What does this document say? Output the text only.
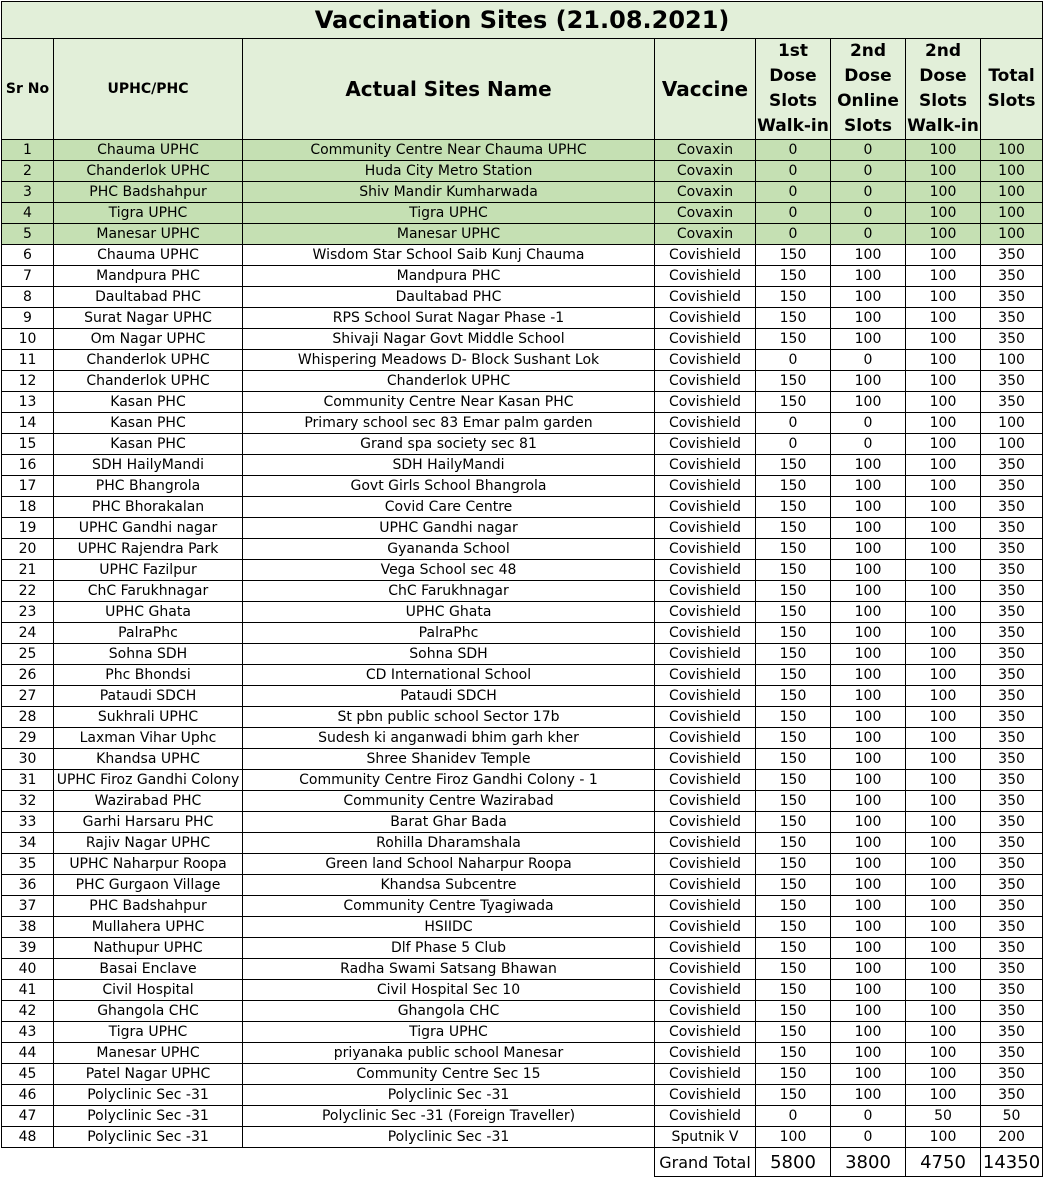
Vaccination Sites (21.08.2021)							
Sr No	UPHC/PHC	Actual Sites Name	Vaccine	1st Dose Slots Walk-in	2nd Dose Online Slots	2nd Dose Slots Walk-in	Total Slots
1	Chauma UPHC	Community Centre Near Chauma UPHC	Covaxin	0	0	100	100
2	Chanderlok UPHC	Huda City Metro Station	Covaxin	0	0	100	100
3	PHC Badshahpur	Shiv Mandir Kumharwada	Covaxin	0	0	100	100
4	Tigra UPHC	Tigra UPHC	Covaxin	0	0	100	100
5	Manesar UPHC	Manesar UPHC	Covaxin	0	0	100	100
6	Chauma UPHC	Wisdom Star School Saib Kunj Chauma	Covishield	150	100	100	350
7	Mandpura PHC	Mandpura PHC	Covishield	150	100	100	350
8	Daultabad PHC	Daultabad PHC	Covishield	150	100	100	350
9	Surat Nagar UPHC	RPS School Surat Nagar Phase -1	Covishield	150	100	100	350
10	Om Nagar UPHC	Shivaji Nagar Govt Middle School	Covishield	150	100	100	350
11	Chanderlok UPHC	Whispering Meadows D- Block Sushant Lok	Covishield	0	0	100	100
12	Chanderlok UPHC	Chanderlok UPHC	Covishield	150	100	100	350
13	Kasan PHC	Community Centre Near Kasan PHC	Covishield	150	100	100	350
14	Kasan PHC	Primary school sec 83 Emar palm garden	Covishield	0	0	100	100
15	Kasan PHC	Grand spa society sec 81	Covishield	0	0	100	100
16	SDH HailyMandi	SDH HailyMandi	Covishield	150	100	100	350
17	PHC Bhangrola	Govt Girls School Bhangrola	Covishield	150	100	100	350
18	PHC Bhorakalan	Covid Care Centre	Covishield	150	100	100	350
19	UPHC Gandhi nagar	UPHC Gandhi nagar	Covishield	150	100	100	350
20	UPHC Rajendra Park	Gyananda School	Covishield	150	100	100	350
21	UPHC Fazilpur	Vega School sec 48	Covishield	150	100	100	350
22	ChC Farukhnagar	ChC Farukhnagar	Covishield	150	100	100	350
23	UPHC Ghata	UPHC Ghata	Covishield	150	100	100	350
24	PalraPhc	PalraPhc	Covishield	150	100	100	350
25	Sohna SDH	Sohna SDH	Covishield	150	100	100	350
26	Phc Bhondsi	CD International School	Covishield	150	100	100	350
27	Pataudi SDCH	Pataudi SDCH	Covishield	150	100	100	350
28	Sukhrali UPHC	St pbn public school Sector 17b	Covishield	150	100	100	350
29	Laxman Vihar Uphc	Sudesh ki anganwadi bhim garh kher	Covishield	150	100	100	350
30	Khandsa UPHC	Shree Shanidev Temple	Covishield	150	100	100	350
31	UPHC Firoz Gandhi Colony	Community Centre Firoz Gandhi Colony - 1	Covishield	150	100	100	350
32	Wazirabad PHC	Community Centre Wazirabad	Covishield	150	100	100	350
33	Garhi Harsaru PHC	Barat Ghar Bada	Covishield	150	100	100	350
34	Rajiv Nagar UPHC	Rohilla Dharamshala	Covishield	150	100	100	350
35	UPHC Naharpur Roopa	Green land School Naharpur Roopa	Covishield	150	100	100	350
36	PHC Gurgaon Village	Khandsa Subcentre	Covishield	150	100	100	350
37	PHC Badshahpur	Community Centre Tyagiwada	Covishield	150	100	100	350
38	Mullahera UPHC	HSIIDC	Covishield	150	100	100	350
39	Nathupur UPHC	Dlf Phase 5 Club	Covishield	150	100	100	350
40	Basai Enclave	Radha Swami Satsang Bhawan	Covishield	150	100	100	350
41	Civil Hospital	Civil Hospital Sec 10	Covishield	150	100	100	350
42	Ghangola CHC	Ghangola CHC	Covishield	150	100	100	350
43	Tigra UPHC	Tigra UPHC	Covishield	150	100	100	350
44	Manesar UPHC	priyanaka public school Manesar	Covishield	150	100	100	350
45	Patel Nagar UPHC	Community Centre Sec 15	Covishield	150	100	100	350
46	Polyclinic Sec -31	Polyclinic Sec -31	Covishield	150	100	100	350
47	Polyclinic Sec -31	Polyclinic Sec -31 (Foreign Traveller)	Covishield	0	0	50	50
48	Polyclinic Sec -31	Polyclinic Sec -31	Sputnik V	100	0	100	200
			Grand Total	5800	3800	4750	14350
